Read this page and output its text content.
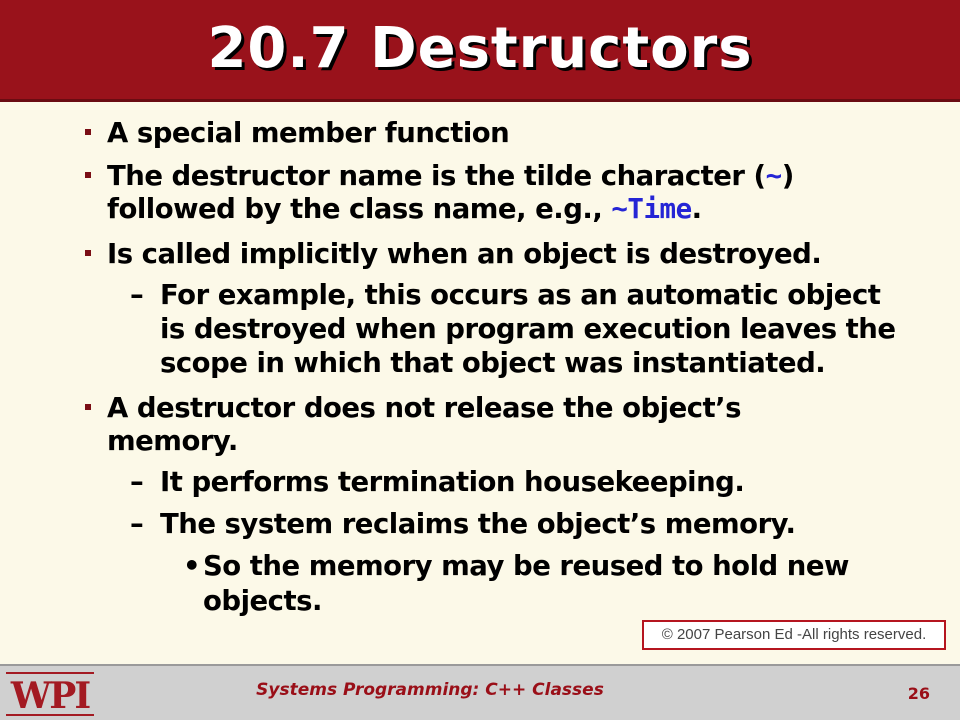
20.7 Destructors
A special member function
The destructor name is the tilde character (~)
followed by the class name, e.g., ~Time.
Is called implicitly when an object is destroyed.
– For example, this occurs as an automatic object
is destroyed when program execution leaves the
scope in which that object was instantiated.
A destructor does not release the object’s
memory.
– It performs termination housekeeping.
– The system reclaims the object’s memory.
• So the memory may be reused to hold new
objects.
© 2007 Pearson Ed -All rights reserved.
WPI	Systems Programming: C++ Classes	26
